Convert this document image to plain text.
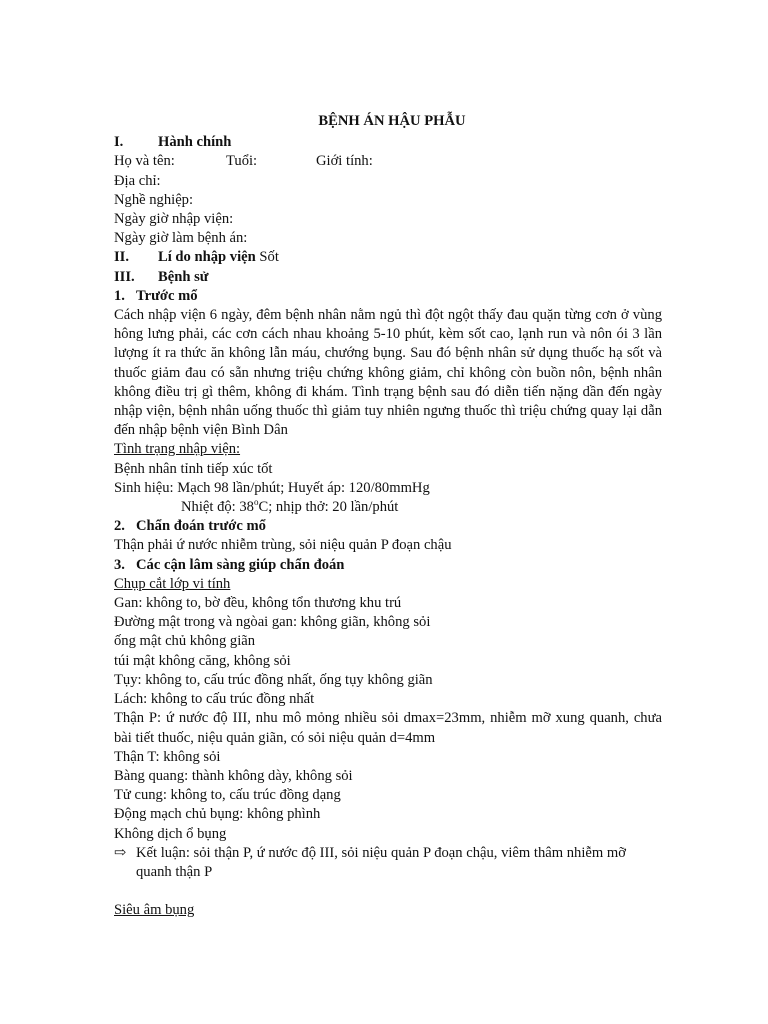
BỆNH ÁN HẬU PHẪU
I.	Hành chính
Họ và tên:	Tuổi:	Giới tính:
Địa chỉ:
Nghề nghiệp:
Ngày giờ nhập viện:
Ngày giờ làm bệnh án:
II.	Lí do nhập viện Sốt
III.	Bệnh sử
1. Trước mổ
Cách nhập viện 6 ngày, đêm bệnh nhân nằm ngủ thì đột ngột thấy đau quặn từng cơn ở vùng hông lưng phải, các cơn cách nhau khoảng 5-10 phút, kèm sốt cao, lạnh run và nôn ói 3 lần lượng ít ra thức ăn không lẫn máu, chướng bụng. Sau đó bệnh nhân sử dụng thuốc hạ sốt và thuốc giảm đau có sẵn nhưng triệu chứng không giảm, chỉ không còn buồn nôn, bệnh nhân không điều trị gì thêm, không đi khám. Tình trạng bệnh sau đó diễn tiến nặng dần đến ngày nhập viện, bệnh nhân uống thuốc thì giảm tuy nhiên ngưng thuốc thì triệu chứng quay lại dẫn đến nhập bệnh viện Bình Dân
Tình trạng nhập viện:
Bệnh nhân tỉnh tiếp xúc tốt
Sinh hiệu: Mạch 98 lần/phút; Huyết áp: 120/80mmHg
Nhiệt độ: 38$^o$C; nhịp thở: 20 lần/phút
2. Chẩn đoán trước mổ
Thận phải ứ nước nhiễm trùng, sỏi niệu quản P đoạn chậu
3. Các cận lâm sàng giúp chẩn đoán
Chụp cắt lớp vi tính
Gan: không to, bờ đều, không tổn thương khu trú
Đường mật trong và ngòai gan: không giãn, không sỏi
ống mật chủ không giãn
túi mật không căng, không sỏi
Tụy: không to, cấu trúc đồng nhất, ống tụy không giãn
Lách: không to cấu trúc đồng nhất
Thận P: ứ nước độ III, nhu mô mỏng nhiều sỏi dmax=23mm, nhiễm mỡ xung quanh, chưa bài tiết thuốc, niệu quản giãn, có sỏi niệu quản d=4mm
Thận T: không sỏi
Bàng quang: thành không dày, không sỏi
Tử cung: không to, cấu trúc đồng dạng
Động mạch chủ bụng: không phình
Không dịch ổ bụng
⇨ Kết luận: sỏi thận P, ứ nước độ III, sỏi niệu quản P đoạn chậu, viêm thâm nhiễm mỡ quanh thận P
Siêu âm bụng
